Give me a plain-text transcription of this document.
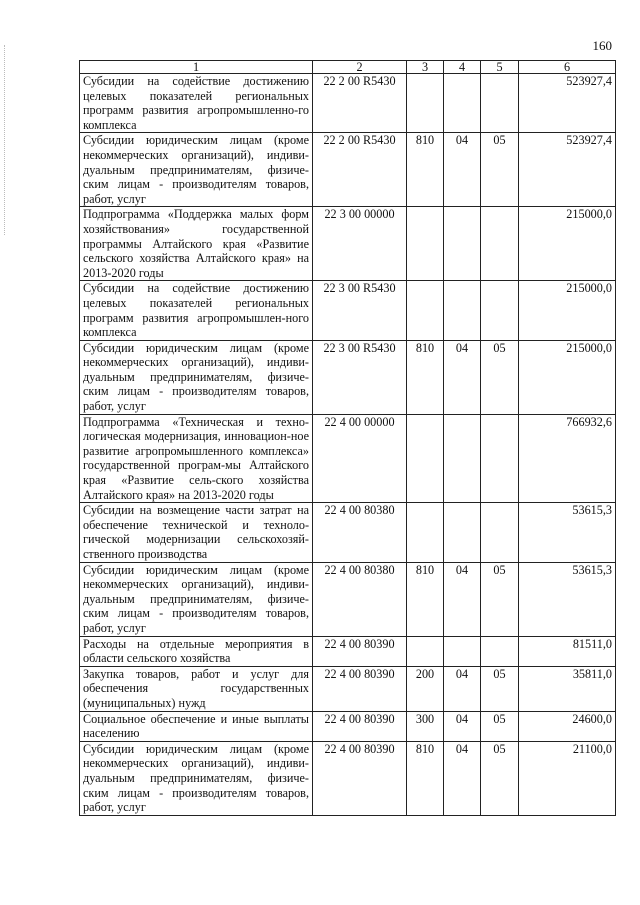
160
1	2	3	4	5	6
Субсидии на содействие достижению целевых показателей региональных программ развития агропромышленно-го комплекса	22 2 00 R5430				523927,4
Субсидии юридическим лицам (кроме некоммерческих организаций), индиви-дуальным предпринимателям, физиче-ским лицам - производителям товаров, работ, услуг	22 2 00 R5430	810	04	05	523927,4
Подпрограмма «Поддержка малых форм хозяйствования» государственной программы Алтайского края «Развитие сельского хозяйства Алтайского края» на 2013-2020 годы	22 3 00 00000				215000,0
Субсидии на содействие достижению целевых показателей региональных программ развития агропромышлен-ного комплекса	22 3 00 R5430				215000,0
Субсидии юридическим лицам (кроме некоммерческих организаций), индиви-дуальным предпринимателям, физиче-ским лицам - производителям товаров, работ, услуг	22 3 00 R5430	810	04	05	215000,0
Подпрограмма «Техническая и техно-логическая модернизация, инновацион-ное развитие агропромышленного комплекса» государственной програм-мы Алтайского края «Развитие сель-ского хозяйства Алтайского края» на 2013-2020 годы	22 4 00 00000				766932,6
Субсидии на возмещение части затрат на обеспечение технической и техноло-гической модернизации сельскохозяй-ственного производства	22 4 00 80380				53615,3
Субсидии юридическим лицам (кроме некоммерческих организаций), индиви-дуальным предпринимателям, физиче-ским лицам - производителям товаров, работ, услуг	22 4 00 80380	810	04	05	53615,3
Расходы на отдельные мероприятия в области сельского хозяйства	22 4 00 80390				81511,0
Закупка товаров, работ и услуг для обеспечения государственных (муниципальных) нужд	22 4 00 80390	200	04	05	35811,0
Социальное обеспечение и иные выплаты населению	22 4 00 80390	300	04	05	24600,0
Субсидии юридическим лицам (кроме некоммерческих организаций), индиви-дуальным предпринимателям, физиче-ским лицам - производителям товаров, работ, услуг	22 4 00 80390	810	04	05	21100,0
